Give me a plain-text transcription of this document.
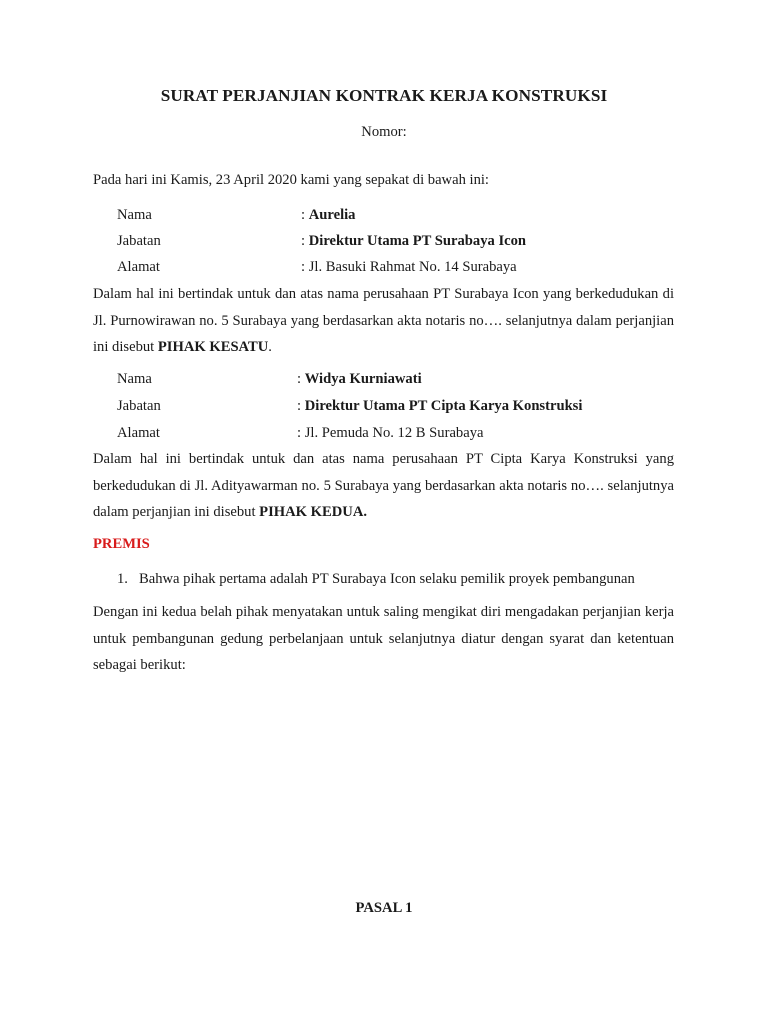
SURAT PERJANJIAN KONTRAK KERJA KONSTRUKSI
Nomor:
Pada hari ini Kamis, 23 April 2020 kami yang sepakat di bawah ini:
Nama	: Aurelia
Jabatan	: Direktur Utama PT Surabaya Icon
Alamat	: Jl. Basuki Rahmat No. 14 Surabaya
Dalam hal ini bertindak untuk dan atas nama perusahaan PT Surabaya Icon yang berkedudukan di Jl. Purnowirawan no. 5 Surabaya yang berdasarkan akta notaris no…. selanjutnya dalam perjanjian ini disebut PIHAK KESATU.
Nama	: Widya Kurniawati
Jabatan	: Direktur Utama PT Cipta Karya Konstruksi
Alamat	: Jl. Pemuda No. 12 B Surabaya
Dalam hal ini bertindak untuk dan atas nama perusahaan PT Cipta Karya Konstruksi yang berkedudukan di Jl. Adityawarman no. 5 Surabaya yang berdasarkan akta notaris no…. selanjutnya dalam perjanjian ini disebut PIHAK KEDUA.
PREMIS
1. Bahwa pihak pertama adalah PT Surabaya Icon selaku pemilik proyek pembangunan
Dengan ini kedua belah pihak menyatakan untuk saling mengikat diri mengadakan perjanjian kerja untuk pembangunan gedung perbelanjaan untuk selanjutnya diatur dengan syarat dan ketentuan sebagai berikut:
PASAL 1
